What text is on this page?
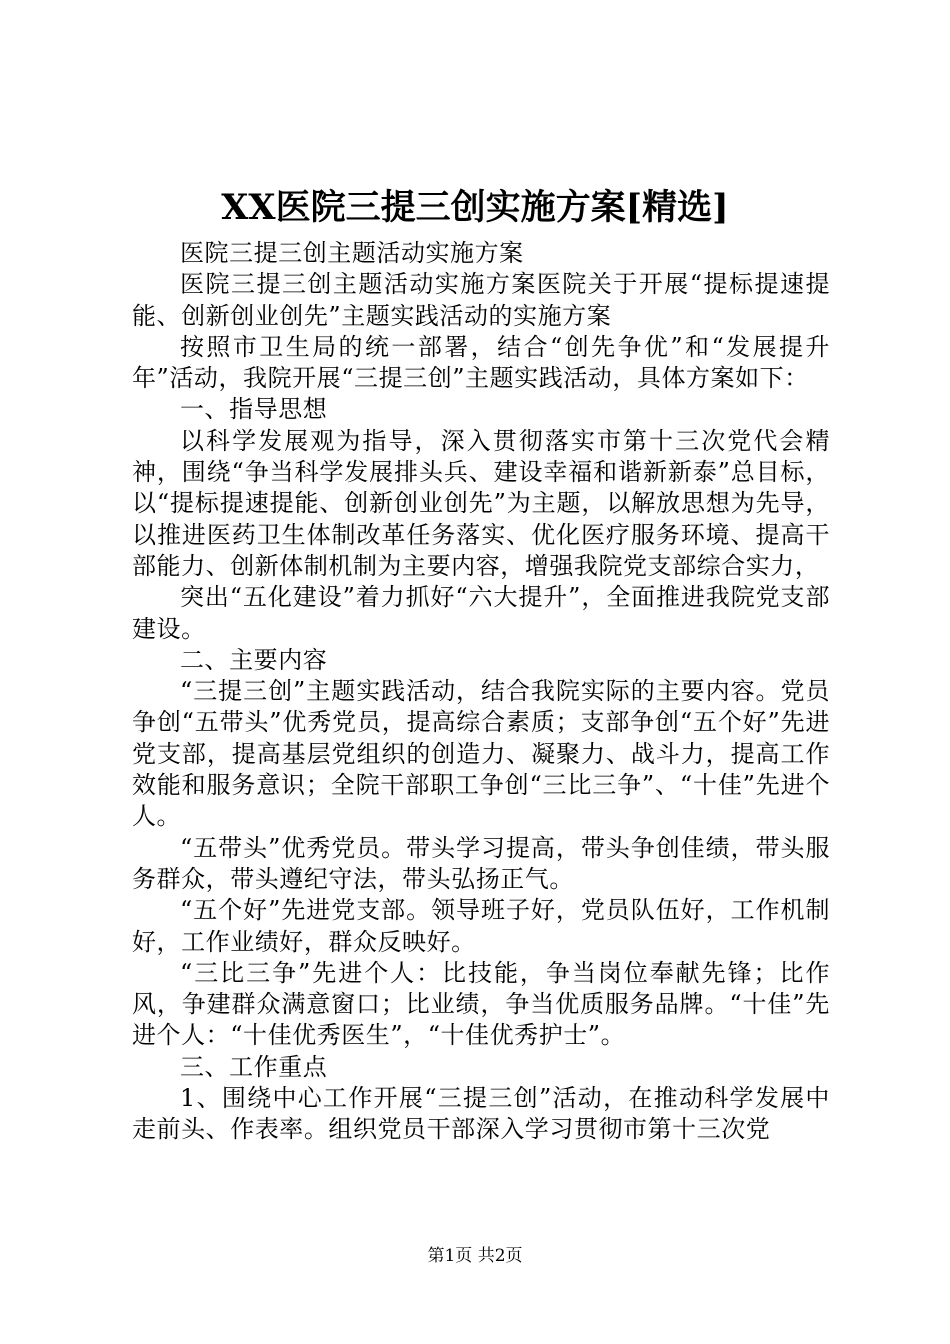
XX医院三提三创实施方案[精选]

医院三提三创主题活动实施方案

医院三提三创主题活动实施方案医院关于开展“提标提速提能、创新创业创先”主题实践活动的实施方案

按照市卫生局的统一部署，结合“创先争优”和“发展提升年”活动，我院开展“三提三创”主题实践活动，具体方案如下：

一、指导思想

以科学发展观为指导，深入贯彻落实市第十三次党代会精神，围绕“争当科学发展排头兵、建设幸福和谐新新泰”总目标，以“提标提速提能、创新创业创先”为主题，以解放思想为先导，以推进医药卫生体制改革任务落实、优化医疗服务环境、提高干部能力、创新体制机制为主要内容，增强我院党支部综合实力，

突出“五化建设”着力抓好“六大提升”，全面推进我院党支部建设。

二、主要内容

“三提三创”主题实践活动，结合我院实际的主要内容。党员争创“五带头”优秀党员，提高综合素质；支部争创“五个好”先进党支部，提高基层党组织的创造力、凝聚力、战斗力，提高工作效能和服务意识；全院干部职工争创“三比三争”、“十佳”先进个人。

“五带头”优秀党员。带头学习提高，带头争创佳绩，带头服务群众，带头遵纪守法，带头弘扬正气。

“五个好”先进党支部。领导班子好，党员队伍好，工作机制好，工作业绩好，群众反映好。

“三比三争”先进个人：比技能，争当岗位奉献先锋；比作风，争建群众满意窗口；比业绩，争当优质服务品牌。“十佳”先进个人：“十佳优秀医生”，“十佳优秀护士”。

三、工作重点

1、围绕中心工作开展“三提三创”活动，在推动科学发展中走前头、作表率。组织党员干部深入学习贯彻市第十三次党

第1页 共2页
